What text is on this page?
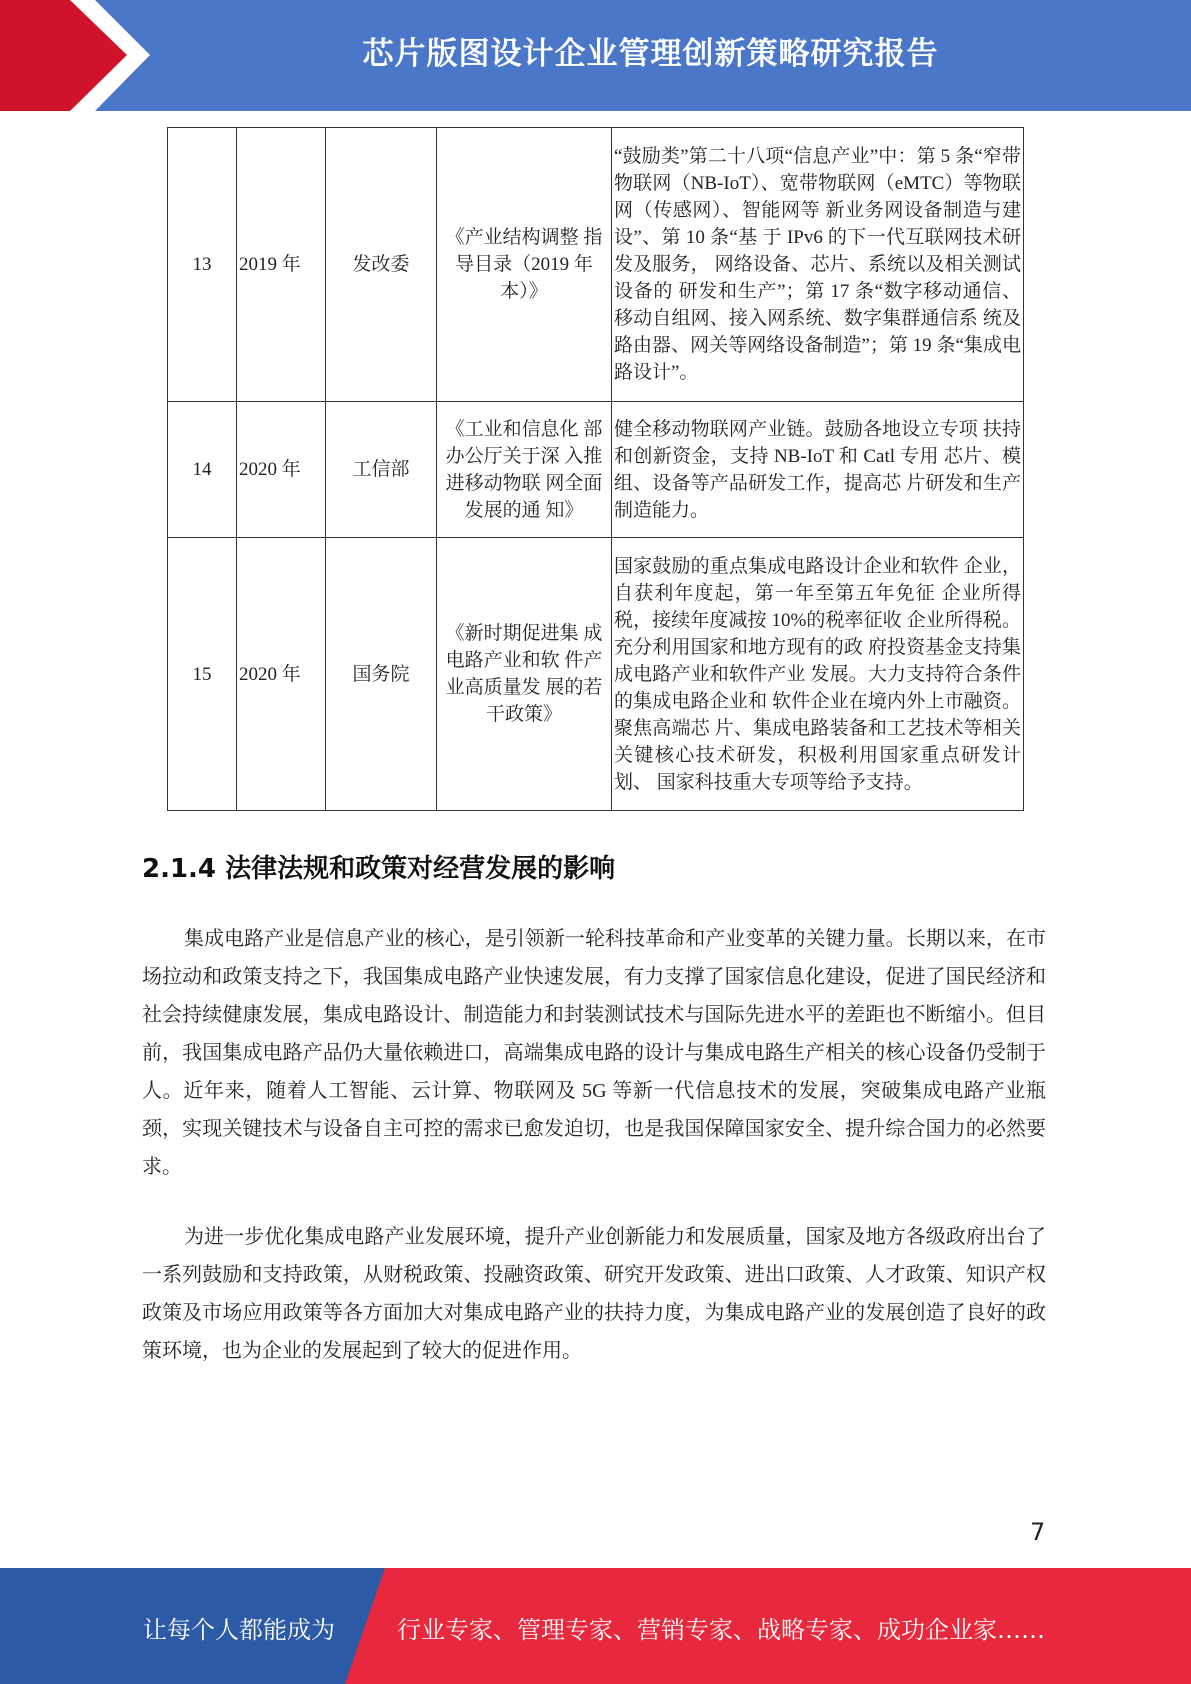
芯片版图设计企业管理创新策略研究报告
13	2019 年	发改委	《产业结构调整 指导目录（2019 年本）》	“鼓励类”第二十八项“信息产业”中：第 5 条“窄带物联网（NB-IoT）、宽带物联网（eMTC）等物联网（传感网）、智能网等 新业务网设备制造与建设”、第 10 条“基 于 IPv6 的下一代互联网技术研发及服务， 网络设备、芯片、系统以及相关测试设备的 研发和生产”；第 17 条“数字移动通信、 移动自组网、接入网系统、数字集群通信系 统及路由器、网关等网络设备制造”；第 19 条“集成电路设计”。
14	2020 年	工信部	《工业和信息化 部办公厅关于深 入推进移动物联 网全面发展的通 知》	健全移动物联网产业链。鼓励各地设立专项 扶持和创新资金，支持 NB-IoT 和 Catl 专用 芯片、模组、设备等产品研发工作，提高芯 片研发和生产制造能力。
15	2020 年	国务院	《新时期促进集 成电路产业和软 件产业高质量发 展的若干政策》	国家鼓励的重点集成电路设计企业和软件 企业，自获利年度起，第一年至第五年免征 企业所得税，接续年度减按 10%的税率征收 企业所得税。充分利用国家和地方现有的政 府投资基金支持集成电路产业和软件产业 发展。大力支持符合条件的集成电路企业和 软件企业在境内外上市融资。聚焦高端芯 片、集成电路装备和工艺技术等相关关键核心技术研发，积极利用国家重点研发计划、 国家科技重大专项等给予支持。
2.1.4 法律法规和政策对经营发展的影响

集成电路产业是信息产业的核心，是引领新一轮科技革命和产业变革的关键力量。长期以来，在市场拉动和政策支持之下，我国集成电路产业快速发展，有力支撑了国家信息化建设，促进了国民经济和社会持续健康发展，集成电路设计、制造能力和封装测试技术与国际先进水平的差距也不断缩小。但目前，我国集成电路产品仍大量依赖进口，高端集成电路的设计与集成电路生产相关的核心设备仍受制于人。近年来，随着人工智能、云计算、物联网及 5G 等新一代信息技术的发展，突破集成电路产业瓶颈，实现关键技术与设备自主可控的需求已愈发迫切，也是我国保障国家安全、提升综合国力的必然要求。

为进一步优化集成电路产业发展环境，提升产业创新能力和发展质量，国家及地方各级政府出台了一系列鼓励和支持政策，从财税政策、投融资政策、研究开发政策、进出口政策、人才政策、知识产权政策及市场应用政策等各方面加大对集成电路产业的扶持力度，为集成电路产业的发展创造了良好的政策环境，也为企业的发展起到了较大的促进作用。

7
让每个人都能成为	行业专家、管理专家、营销专家、战略专家、成功企业家……
